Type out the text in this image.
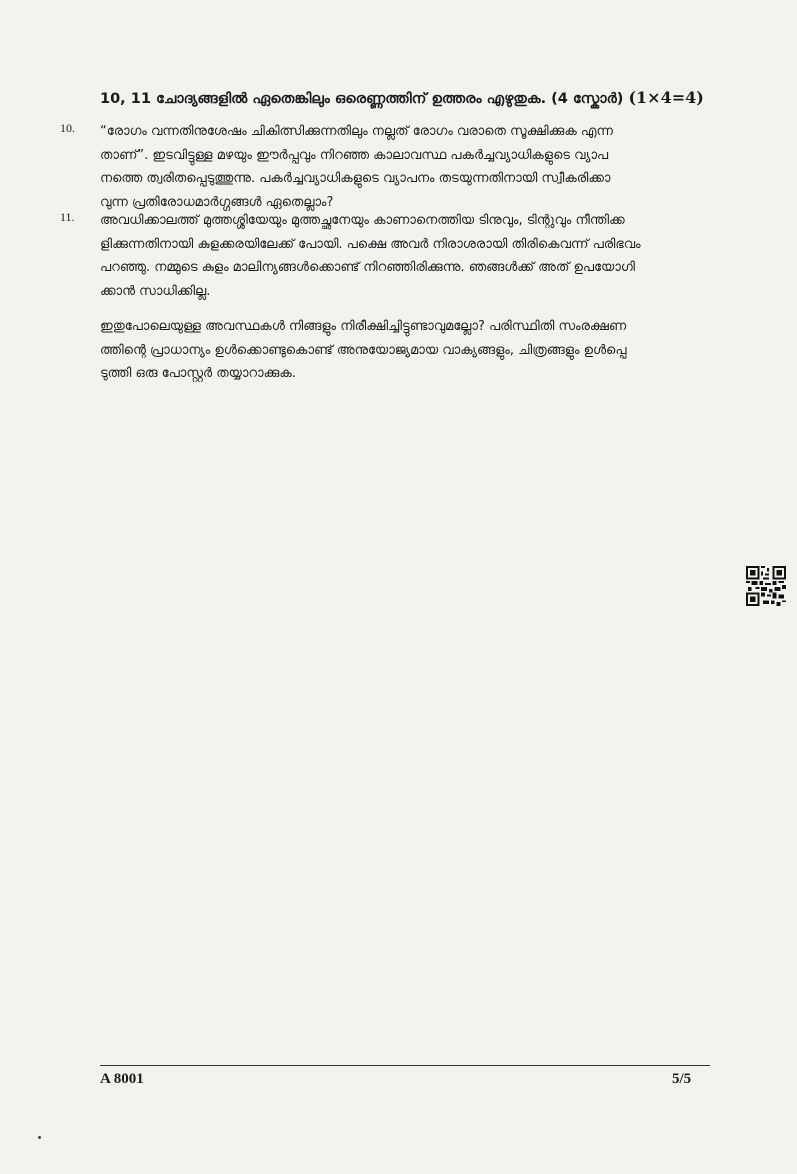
10, 11 ചോദ്യങ്ങളിൽ ഏതെങ്കിലും ഒരെണ്ണത്തിന് ഉത്തരം എഴുതുക. (4 സ്കോർ) (1×4=4)
10.	“രോഗം വന്നതിനുശേഷം ചികിത്സിക്കുന്നതിലും നല്ലത് രോഗം വരാതെ സൂക്ഷിക്കുക എന്ന
താണ്”. ഇടവിട്ടുള്ള മഴയും ഈർപ്പവും നിറഞ്ഞ കാലാവസ്ഥ പകർച്ചവ്യാധികളുടെ വ്യാപ
നത്തെ ത്വരിതപ്പെടുത്തുന്നു. പകർച്ചവ്യാധികളുടെ വ്യാപനം തടയുന്നതിനായി സ്വീകരിക്കാ
വുന്ന പ്രതിരോധമാർഗ്ഗങ്ങൾ ഏതെല്ലാം?
11.	അവധിക്കാലത്ത് മുത്തശ്ശിയേയും മുത്തച്ഛനേയും കാണാനെത്തിയ ടിനുവും, ടിന്റുവും നീന്തിക്ക
ളിക്കുന്നതിനായി കുളക്കരയിലേക്ക് പോയി. പക്ഷെ അവർ നിരാശരായി തിരികെവന്ന് പരിഭവം
പറഞ്ഞു. നമ്മുടെ കുളം മാലിന്യങ്ങൾക്കൊണ്ട് നിറഞ്ഞിരിക്കുന്നു. ഞങ്ങൾക്ക് അത് ഉപയോഗി
ക്കാൻ സാധിക്കില്ല.
ഇതുപോലെയുള്ള അവസ്ഥകൾ നിങ്ങളും നിരീക്ഷിച്ചിട്ടുണ്ടാവുമല്ലോ? പരിസ്ഥിതി സംരക്ഷണ
ത്തിന്റെ പ്രാധാന്യം ഉൾക്കൊണ്ടുകൊണ്ട് അനുയോജ്യമായ വാക്യങ്ങളും, ചിത്രങ്ങളും ഉൾപ്പെ
ടുത്തി ഒരു പോസ്റ്റർ തയ്യാറാക്കുക.
A 8001	5/5
